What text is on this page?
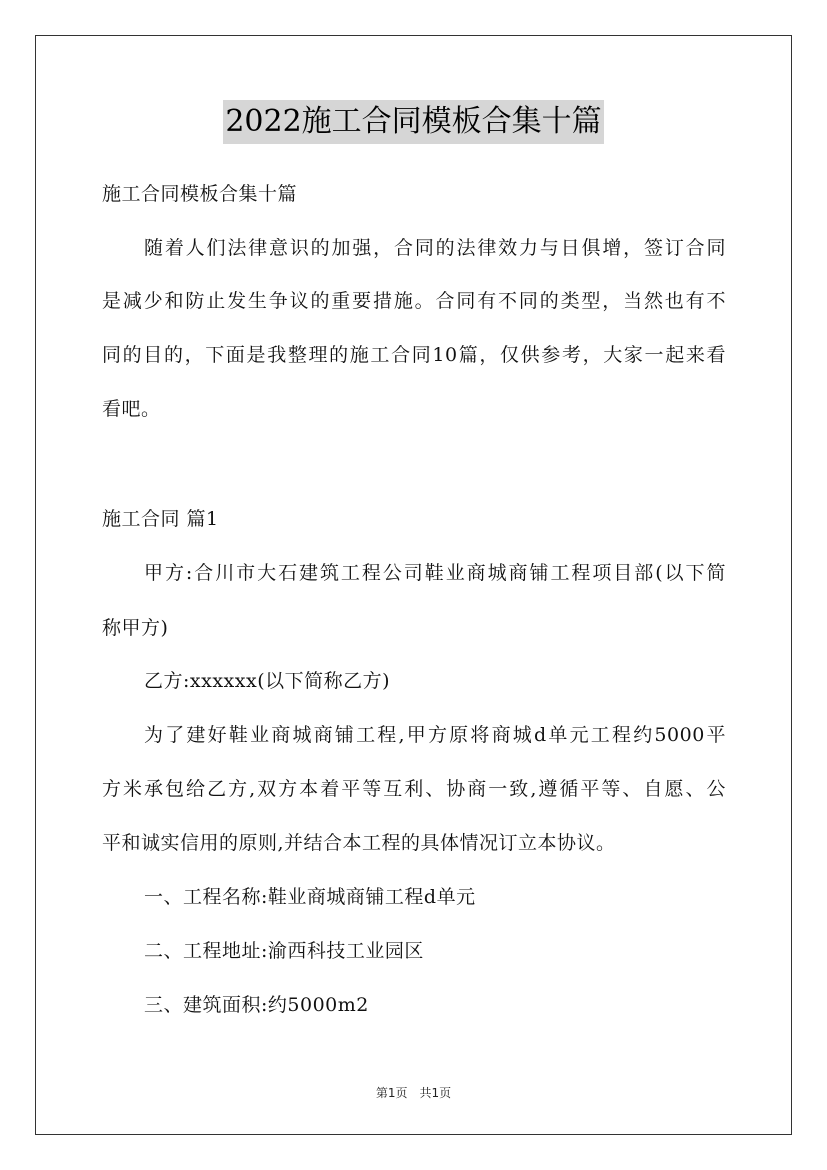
2022施工合同模板合集十篇
施工合同模板合集十篇
随着人们法律意识的加强，合同的法律效力与日俱增，签订合同
是减少和防止发生争议的重要措施。合同有不同的类型，当然也有不
同的目的，下面是我整理的施工合同10篇，仅供参考，大家一起来看
看吧。
施工合同 篇1
甲方:合川市大石建筑工程公司鞋业商城商铺工程项目部(以下简
称甲方)
乙方:xxxxxx(以下简称乙方)
为了建好鞋业商城商铺工程,甲方原将商城d单元工程约5000平
方米承包给乙方,双方本着平等互利、协商一致,遵循平等、自愿、公
平和诚实信用的原则,并结合本工程的具体情况订立本协议。
一、工程名称:鞋业商城商铺工程d单元
二、工程地址:渝西科技工业园区
三、建筑面积:约5000m2
第1页　共1页
